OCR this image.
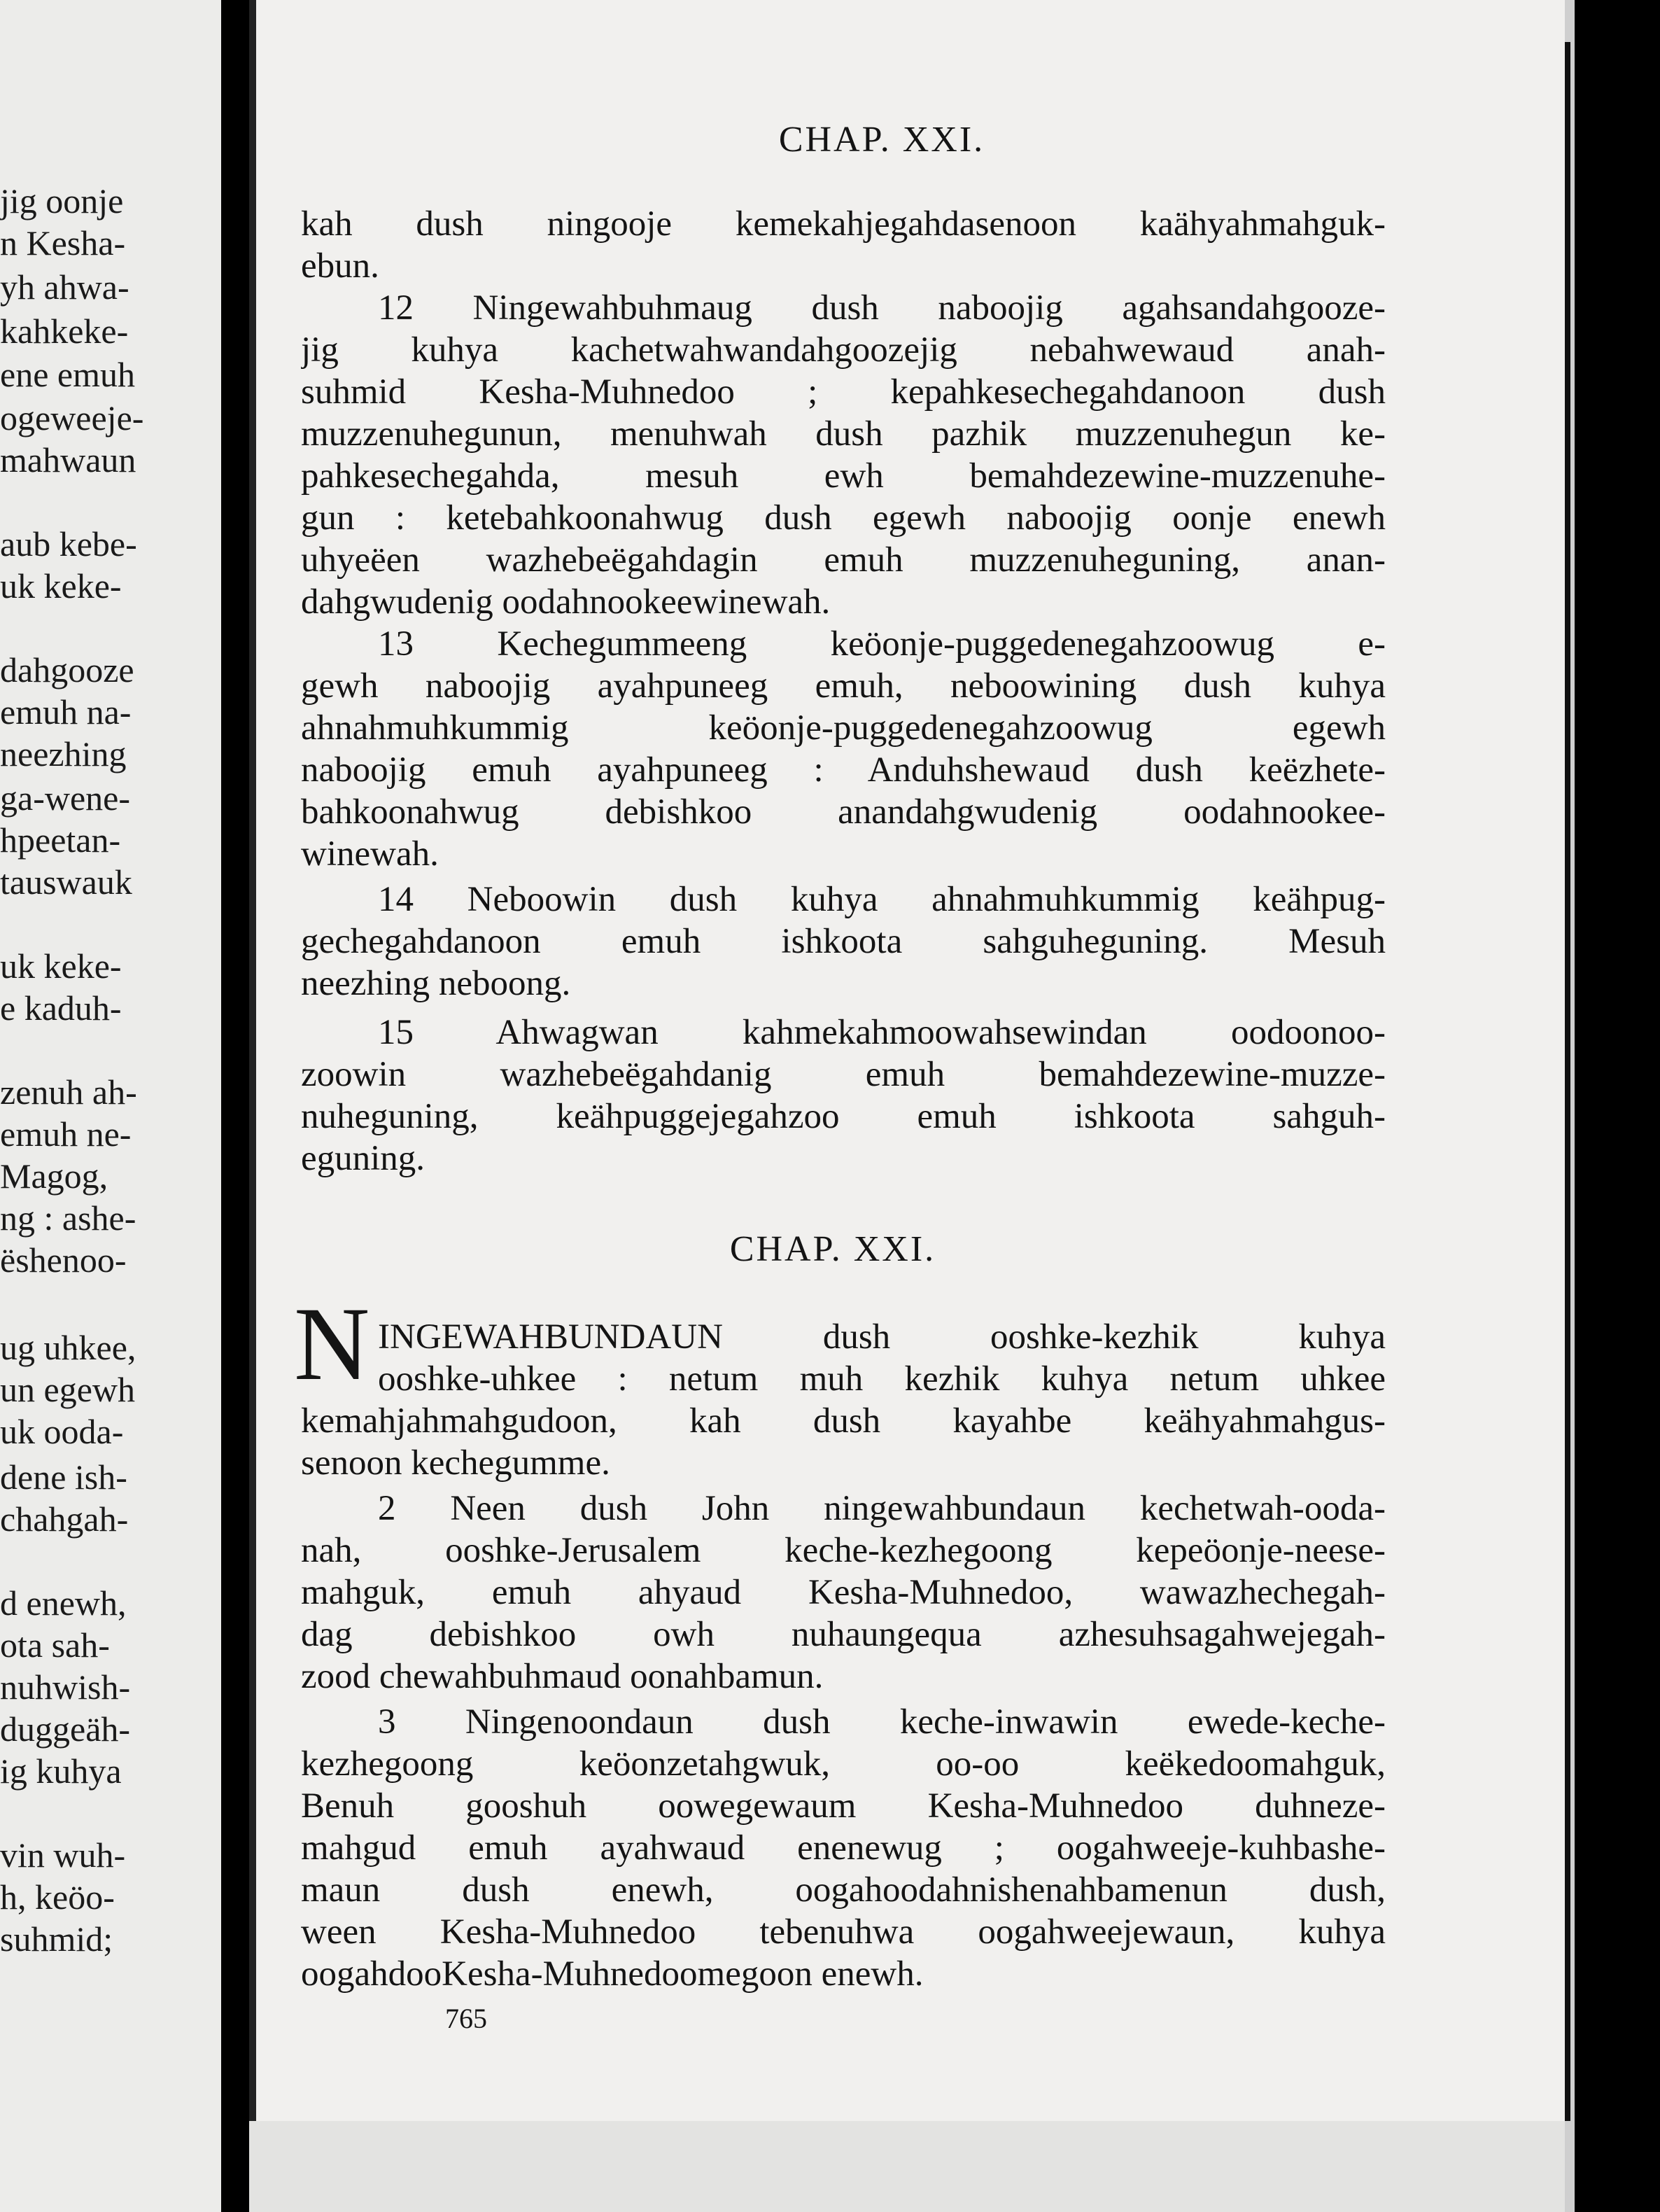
jig oonje
n Kesha-
yh ahwa-
kahkeke-
ene emuh
ogeweeje-
mahwaun
aub kebe-
uk keke-
dahgooze
emuh na-
neezhing
ga-wene-
hpeetan-
tauswauk
uk keke-
e kaduh-
zenuh ah-
emuh ne-
Magog,
ng : ashe-
ëshenoo-
ug uhkee,
un egewh
uk ooda-
dene ish-
chahgah-
d enewh,
ota sah-
nuhwish-
duggeäh-
ig kuhya
vin wuh-
h, keöo-
suhmid;
CHAP. XXI.
CHAP. XXI.
N
kah dush ningooje kemekahjegahdasenoon kaähyahmahguk-
ebun.
12 Ningewahbuhmaug dush naboojig agahsandahgooze-
jig kuhya kachetwahwandahgoozejig nebahwewaud anah-
suhmid Kesha-Muhnedoo ; kepahkesechegahdanoon dush
muzzenuhegunun, menuhwah dush pazhik muzzenuhegun ke-
pahkesechegahda, mesuh ewh bemahdezewine-muzzenuhe-
gun : ketebahkoonahwug dush egewh naboojig oonje enewh
uhyeëen wazhebeëgahdagin emuh muzzenuheguning, anan-
dahgwudenig oodahnookeewinewah.
13 Kechegummeeng keöonje-puggedenegahzoowug e-
gewh naboojig ayahpuneeg emuh, neboowining dush kuhya
ahnahmuhkummig keöonje-puggedenegahzoowug egewh
naboojig emuh ayahpuneeg : Anduhshewaud dush keëzhete-
bahkoonahwug debishkoo anandahgwudenig oodahnookee-
winewah.
14 Neboowin dush kuhya ahnahmuhkummig keähpug-
gechegahdanoon emuh ishkoota sahguheguning. Mesuh
neezhing neboong.
15 Ahwagwan kahmekahmoowahsewindan oodoonoo-
zoowin wazhebeëgahdanig emuh bemahdezewine-muzze-
nuheguning, keähpuggejegahzoo emuh ishkoota sahguh-
eguning.
INGEWAHBUNDAUN dush ooshke-kezhik kuhya
ooshke-uhkee : netum muh kezhik kuhya netum uhkee
kemahjahmahgudoon, kah dush kayahbe keähyahmahgus-
senoon kechegumme.
2 Neen dush John ningewahbundaun kechetwah-ooda-
nah, ooshke-Jerusalem keche-kezhegoong kepeöonje-neese-
mahguk, emuh ahyaud Kesha-Muhnedoo, wawazhechegah-
dag debishkoo owh nuhaungequa azhesuhsagahwejegah-
zood chewahbuhmaud oonahbamun.
3 Ningenoondaun dush keche-inwawin ewede-keche-
kezhegoong keöonzetahgwuk, oo-oo keëkedoomahguk,
Benuh gooshuh oowegewaum Kesha-Muhnedoo duhneze-
mahgud emuh ayahwaud enenewug ; oogahweeje-kuhbashe-
maun dush enewh, oogahoodahnishenahbamenun dush,
ween Kesha-Muhnedoo tebenuhwa oogahweejewaun, kuhya
oogahdooKesha-Muhnedoomegoon enewh.
765
